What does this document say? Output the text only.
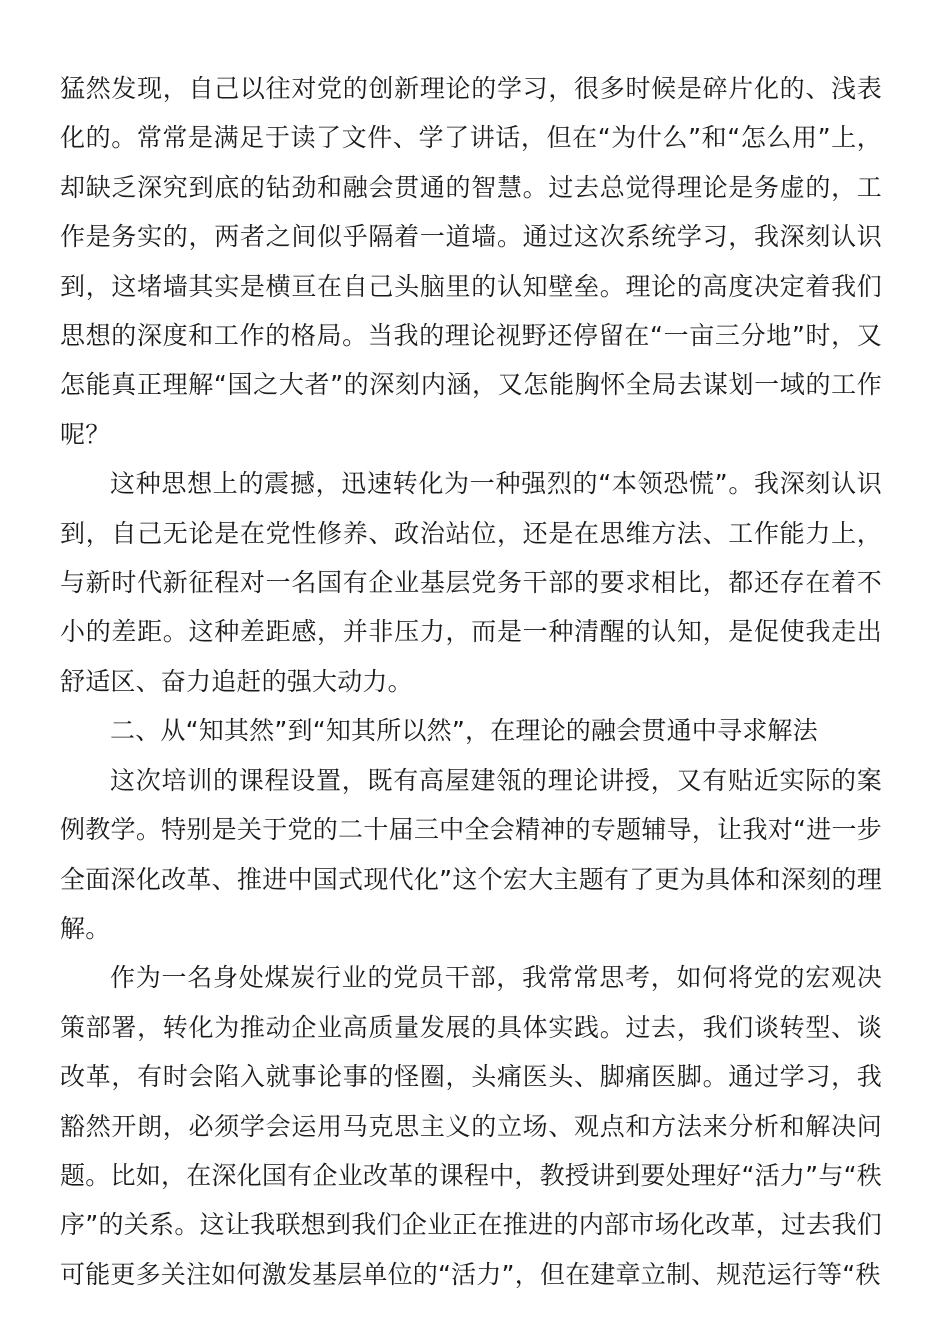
猛然发现，自己以往对党的创新理论的学习，很多时候是碎片化的、浅表化的。常常是满足于读了文件、学了讲话，但在“为什么”和“怎么用”上，却缺乏深究到底的钻劲和融会贯通的智慧。过去总觉得理论是务虚的，工作是务实的，两者之间似乎隔着一道墙。通过这次系统学习，我深刻认识到，这堵墙其实是横亘在自己头脑里的认知壁垒。理论的高度决定着我们思想的深度和工作的格局。当我的理论视野还停留在“一亩三分地”时，又怎能真正理解“国之大者”的深刻内涵，又怎能胸怀全局去谋划一域的工作呢？

这种思想上的震撼，迅速转化为一种强烈的“本领恐慌”。我深刻认识到，自己无论是在党性修养、政治站位，还是在思维方法、工作能力上，与新时代新征程对一名国有企业基层党务干部的要求相比，都还存在着不小的差距。这种差距感，并非压力，而是一种清醒的认知，是促使我走出舒适区、奋力追赶的强大动力。

二、从“知其然”到“知其所以然”，在理论的融会贯通中寻求解法

这次培训的课程设置，既有高屋建瓴的理论讲授，又有贴近实际的案例教学。特别是关于党的二十届三中全会精神的专题辅导，让我对“进一步全面深化改革、推进中国式现代化”这个宏大主题有了更为具体和深刻的理解。

作为一名身处煤炭行业的党员干部，我常常思考，如何将党的宏观决策部署，转化为推动企业高质量发展的具体实践。过去，我们谈转型、谈改革，有时会陷入就事论事的怪圈，头痛医头、脚痛医脚。通过学习，我豁然开朗，必须学会运用马克思主义的立场、观点和方法来分析和解决问题。比如，在深化国有企业改革的课程中，教授讲到要处理好“活力”与“秩序”的关系。这让我联想到我们企业正在推进的内部市场化改革，过去我们可能更多关注如何激发基层单位的“活力”，但在建章立制、规范运行等“秩
